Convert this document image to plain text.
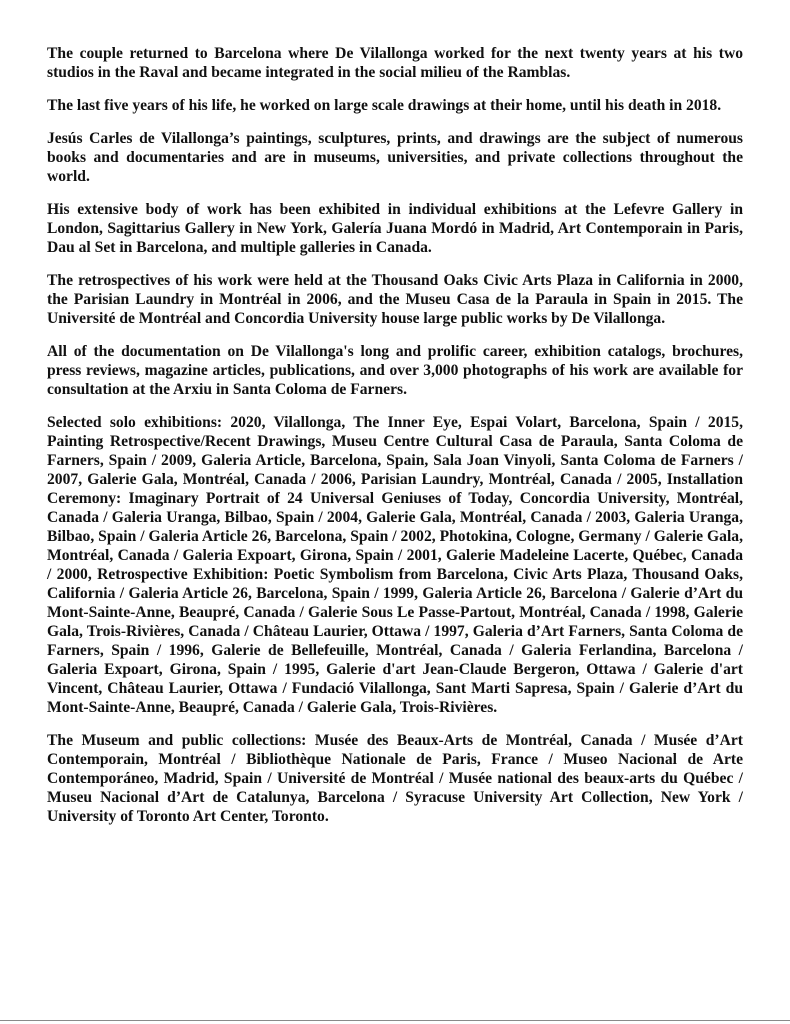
The couple returned to Barcelona where De Vilallonga worked for the next twenty years at his two studios in the Raval and became integrated in the social milieu of the Ramblas.

The last five years of his life, he worked on large scale drawings at their home, until his death in 2018.

Jesús Carles de Vilallonga’s paintings, sculptures, prints, and drawings are the subject of numerous books and documentaries and are in museums, universities, and private collections throughout the world.

His extensive body of work has been exhibited in individual exhibitions at the Lefevre Gallery in London, Sagittarius Gallery in New York, Galería Juana Mordó in Madrid, Art Contemporain in Paris, Dau al Set in Barcelona, and multiple galleries in Canada.

The retrospectives of his work were held at the Thousand Oaks Civic Arts Plaza in California in 2000, the Parisian Laundry in Montréal in 2006, and the Museu Casa de la Paraula in Spain in 2015. The Université de Montréal and Concordia University house large public works by De Vilallonga.

All of the documentation on De Vilallonga's long and prolific career, exhibition catalogs, brochures, press reviews, magazine articles, publications, and over 3,000 photographs of his work are available for consultation at the Arxiu in Santa Coloma de Farners.

Selected solo exhibitions: 2020, Vilallonga, The Inner Eye, Espai Volart, Barcelona, Spain / 2015, Painting Retrospective/Recent Drawings, Museu Centre Cultural Casa de Paraula, Santa Coloma de Farners, Spain / 2009, Galeria Article, Barcelona, Spain, Sala Joan Vinyoli, Santa Coloma de Farners / 2007, Galerie Gala, Montréal, Canada / 2006, Parisian Laundry, Montréal, Canada / 2005, Installation Ceremony: Imaginary Portrait of 24 Universal Geniuses of Today, Concordia University, Montréal, Canada / Galeria Uranga, Bilbao, Spain / 2004, Galerie Gala, Montréal, Canada / 2003, Galeria Uranga, Bilbao, Spain / Galeria Article 26, Barcelona, Spain / 2002, Photokina, Cologne, Germany / Galerie Gala, Montréal, Canada / Galeria Expoart, Girona, Spain / 2001, Galerie Madeleine Lacerte, Québec, Canada / 2000, Retrospective Exhibition: Poetic Symbolism from Barcelona, Civic Arts Plaza, Thousand Oaks, California / Galeria Article 26, Barcelona, Spain / 1999, Galeria Article 26, Barcelona / Galerie d’Art du Mont-Sainte-Anne, Beaupré, Canada / Galerie Sous Le Passe-Partout, Montréal, Canada / 1998, Galerie Gala, Trois-Rivières, Canada / Château Laurier, Ottawa / 1997, Galeria d’Art Farners, Santa Coloma de Farners, Spain / 1996, Galerie de Bellefeuille, Montréal, Canada / Galeria Ferlandina, Barcelona / Galeria Expoart, Girona, Spain / 1995, Galerie d'art Jean-Claude Bergeron, Ottawa / Galerie d'art Vincent, Château Laurier, Ottawa / Fundació Vilallonga, Sant Marti Sapresa, Spain / Galerie d’Art du Mont-Sainte-Anne, Beaupré, Canada / Galerie Gala, Trois-Rivières.

The Museum and public collections: Musée des Beaux-Arts de Montréal, Canada / Musée d’Art Contemporain, Montréal / Bibliothèque Nationale de Paris, France / Museo Nacional de Arte Contemporáneo, Madrid, Spain / Université de Montréal / Musée national des beaux-arts du Québec / Museu Nacional d’Art de Catalunya, Barcelona / Syracuse University Art Collection, New York / University of Toronto Art Center, Toronto.
